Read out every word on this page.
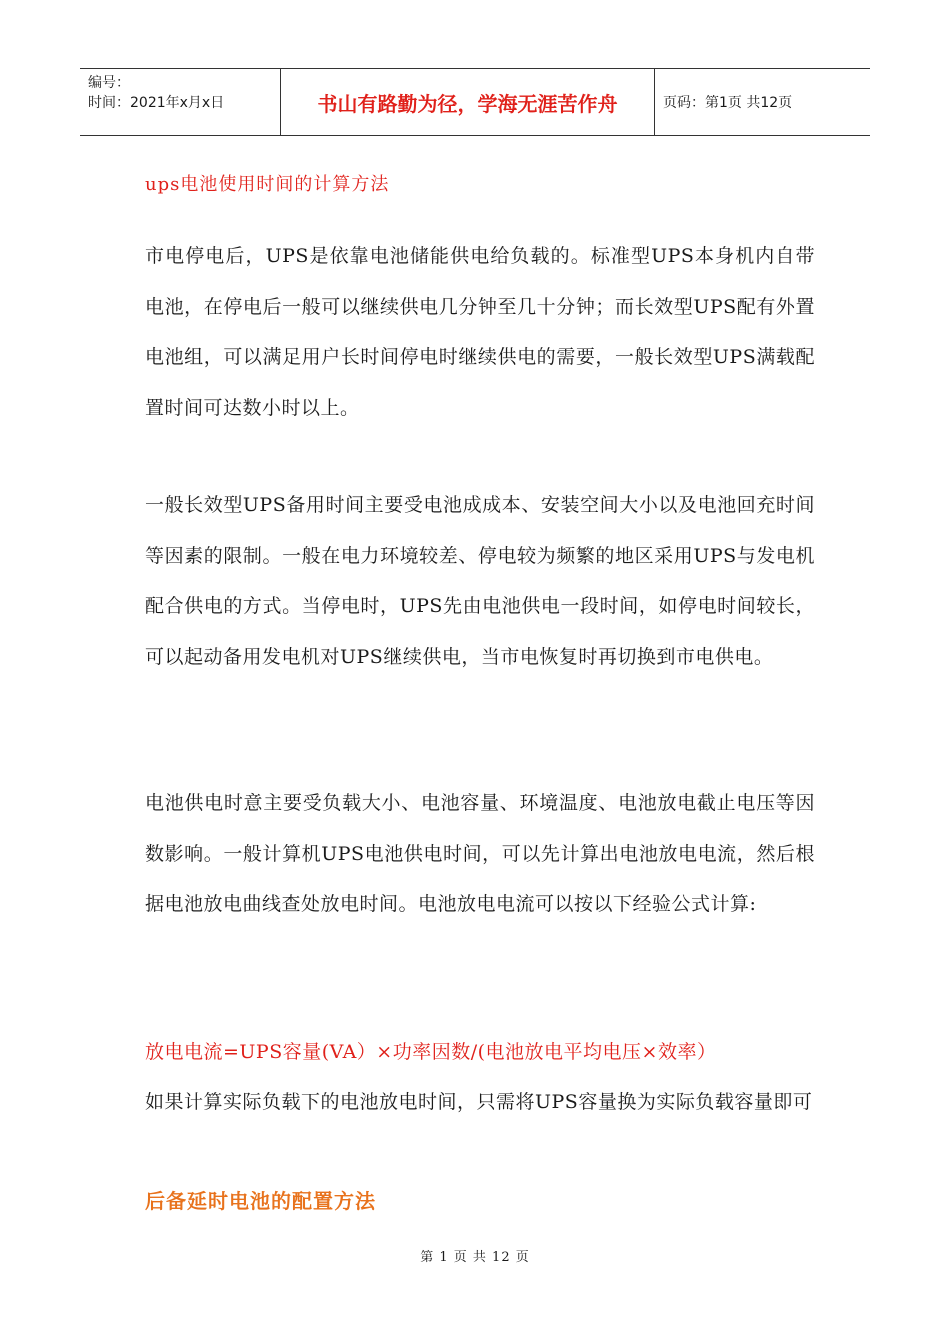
编号：
时间：2021年x月x日	书山有路勤为径，学海无涯苦作舟	页码：第1页 共12页
ups电池使用时间的计算方法

市电停电后，UPS是依靠电池储能供电给负载的。标准型UPS本身机内自带电池，在停电后一般可以继续供电几分钟至几十分钟；而长效型UPS配有外置电池组，可以满足用户长时间停电时继续供电的需要，一般长效型UPS满载配置时间可达数小时以上。

一般长效型UPS备用时间主要受电池成成本、安装空间大小以及电池回充时间等因素的限制。一般在电力环境较差、停电较为频繁的地区采用UPS与发电机配合供电的方式。当停电时，UPS先由电池供电一段时间，如停电时间较长，可以起动备用发电机对UPS继续供电，当市电恢复时再切换到市电供电。

电池供电时意主要受负载大小、电池容量、环境温度、电池放电截止电压等因数影响。一般计算机UPS电池供电时间，可以先计算出电池放电电流，然后根据电池放电曲线查处放电时间。电池放电电流可以按以下经验公式计算:

放电电流=UPS容量(VA）×功率因数/(电池放电平均电压×效率）

如果计算实际负载下的电池放电时间，只需将UPS容量换为实际负载容量即可

后备延时电池的配置方法
第 1 页 共 12 页
